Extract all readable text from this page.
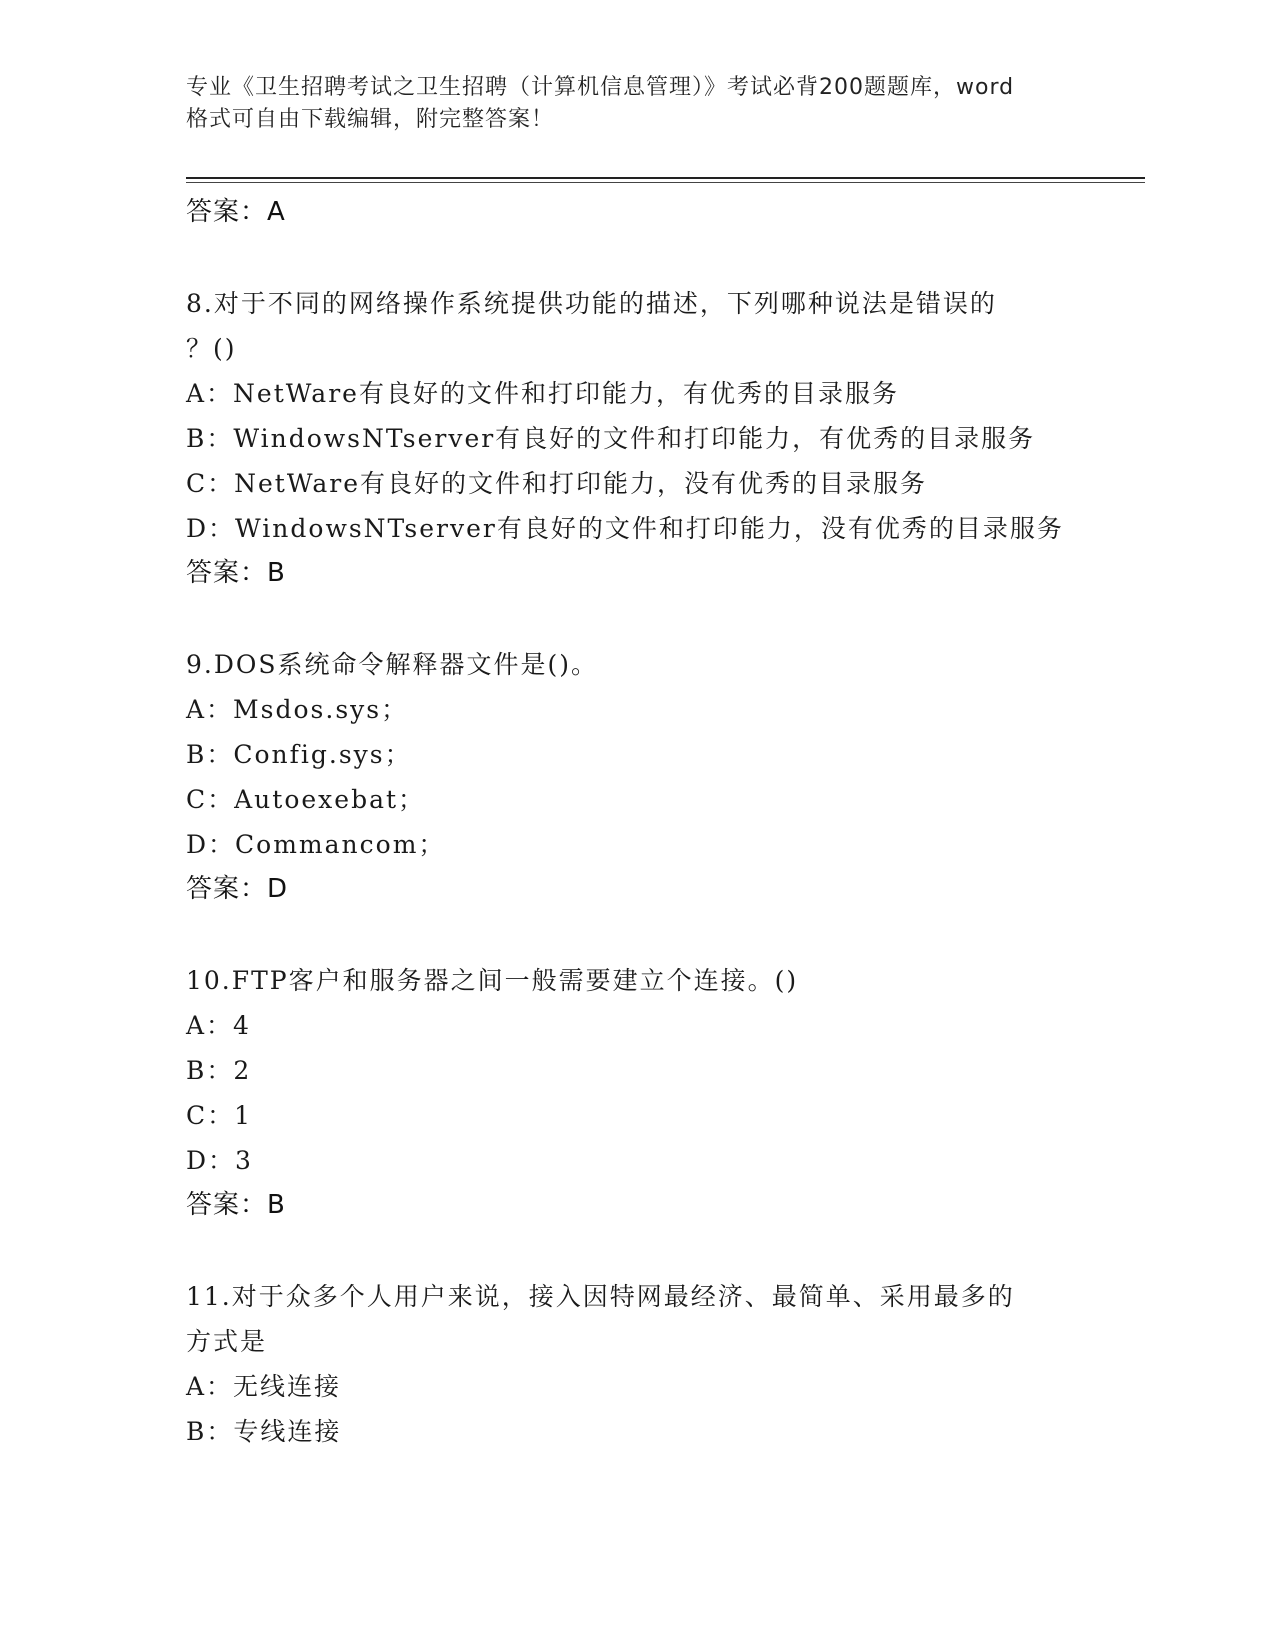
专业《卫生招聘考试之卫生招聘（计算机信息管理）》考试必背200题题库，word
格式可自由下载编辑，附完整答案！
答案：A
8.对于不同的网络操作系统提供功能的描述，下列哪种说法是错误的
？()
A：NetWare有良好的文件和打印能力，有优秀的目录服务
B：WindowsNTserver有良好的文件和打印能力，有优秀的目录服务
C：NetWare有良好的文件和打印能力，没有优秀的目录服务
D：WindowsNTserver有良好的文件和打印能力，没有优秀的目录服务
答案：B
9.DOS系统命令解释器文件是()。
A：Msdos.sys；
B：Config.sys；
C：Autoexebat；
D：Commancom；
答案：D
10.FTP客户和服务器之间一般需要建立个连接。()
A：4
B：2
C：1
D：3
答案：B
11.对于众多个人用户来说，接入因特网最经济、最简单、采用最多的
方式是
A：无线连接
B：专线连接
